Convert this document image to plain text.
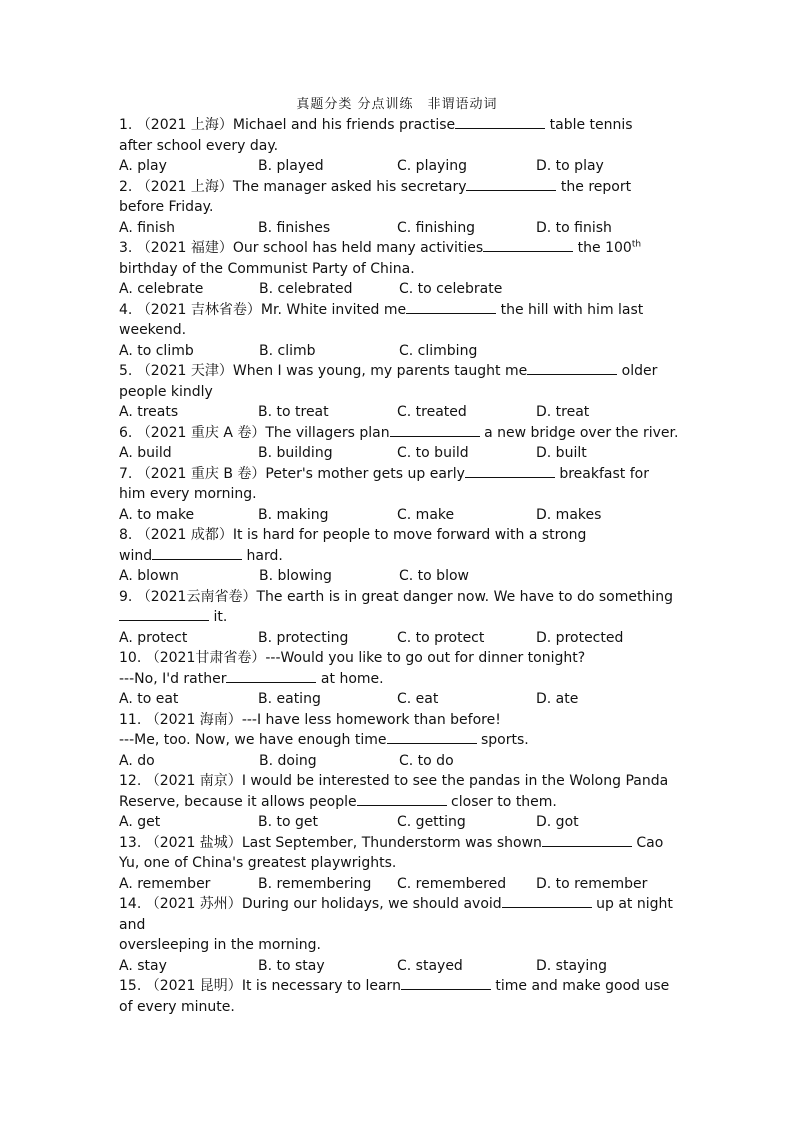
真题分类 分点训练　非谓语动词
1. （2021 上海）Michael and his friends practise	table tennis
after school every day.
A. play	B. played	C. playing	D. to play
2. （2021 上海）The manager asked his secretary	the report
before Friday.
A. finish	B. finishes	C. finishing	D. to finish
3. （2021 福建）Our school has held many activities	the 100th
birthday of the Communist Party of China.
A. celebrate	B. celebrated	C. to celebrate
4. （2021 吉林省卷）Mr. White invited me	the hill with him last
weekend.
A. to climb	B. climb	C. climbing
5. （2021 天津）When I was young, my parents taught me	older
people kindly
A. treats	B. to treat	C. treated	D. treat
6. （2021 重庆 A 卷）The villagers plan	a new bridge over the river.
A. build	B. building	C. to build	D. built
7. （2021 重庆 B 卷）Peter's mother gets up early	breakfast for
him every morning.
A. to make	B. making	C. make	D. makes
8. （2021 成都）It is hard for people to move forward with a strong
wind	hard.
A. blown	B. blowing	C. to blow
9. （2021云南省卷）The earth is in great danger now. We have to do something
it.
A. protect	B. protecting	C. to protect	D. protected
10. （2021甘肃省卷）---Would you like to go out for dinner tonight?
---No, I'd rather	at home.
A. to eat	B. eating	C. eat	D. ate
11. （2021 海南）---I have less homework than before!
---Me, too. Now, we have enough time	sports.
A. do	B. doing	C. to do
12. （2021 南京）I would be interested to see the pandas in the Wolong Panda
Reserve, because it allows people	closer to them.
A. get	B. to get	C. getting	D. got
13. （2021 盐城）Last September, Thunderstorm was shown	Cao
Yu, one of China's greatest playwrights.
A. remember	B. remembering	C. remembered	D. to remember
14. （2021 苏州）During our holidays, we should avoid	up at night
and
oversleeping in the morning.
A. stay	B. to stay	C. stayed	D. staying
15. （2021 昆明）It is necessary to learn	time and make good use
of every minute.
